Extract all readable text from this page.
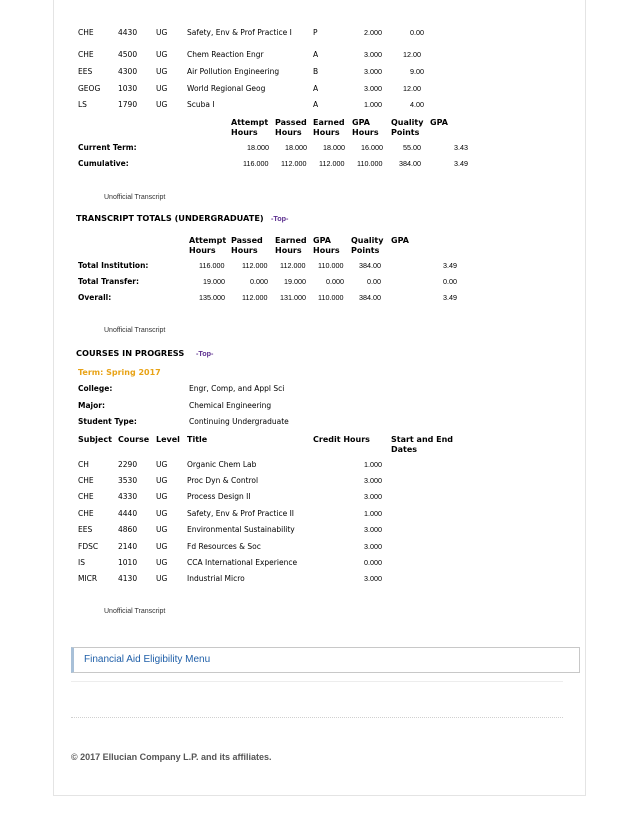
CHE	4430	UG	Safety, Env & Prof Practice I	P	2.000	0.00
CHE	4500	UG	Chem Reaction Engr	A	3.000	12.00
EES	4300	UG	Air Pollution Engineering	B	3.000	9.00
GEOG 1030	UG	World Regional Geog	A	3.000	12.00
LS	1790	UG	Scuba I	A	1.000	4.00
Attempt
Hours
Passed
Hours
Earned
Hours
GPA
Hours
Quality
Points
GPA
Current Term:	18.000 18.000 18.000 16.000	55.00	3.43
Cumulative:	116.000 112.000 112.000 110.000 384.00	3.49
Unofficial Transcript
TRANSCRIPT TOTALS (UNDERGRADUATE) -Top-
Attempt
Hours
Passed
Hours
Earned
Hours
GPA
Hours
Quality
Points
GPA
Total Institution:	116.000 112.000 112.000 110.000 384.00	3.49
Total Transfer:	19.000	0.000 19.000	0.000	0.00	0.00
Overall:	135.000 112.000 131.000 110.000 384.00	3.49
Unofficial Transcript
COURSES IN PROGRESS -Top-
Term: Spring 2017
College:	Engr, Comp, and Appl Sci
Major:	Chemical Engineering
Student Type:	Continuing Undergraduate
Subject Course Level Title	Credit Hours	Start and End
Dates
CH	2290	UG	Organic Chem Lab	1.000
CHE	3530	UG	Proc Dyn & Control	3.000
CHE	4330	UG	Process Design II	3.000
CHE	4440	UG	Safety, Env & Prof Practice II	1.000
EES	4860	UG	Environmental Sustainability	3.000
FDSC	2140	UG	Fd Resources & Soc	3.000
IS	1010	UG	CCA International Experience	0.000
MICR	4130	UG	Industrial Micro	3.000
Unofficial Transcript
Financial Aid Eligibility Menu
© 2017 Ellucian Company L.P. and its affiliates.
